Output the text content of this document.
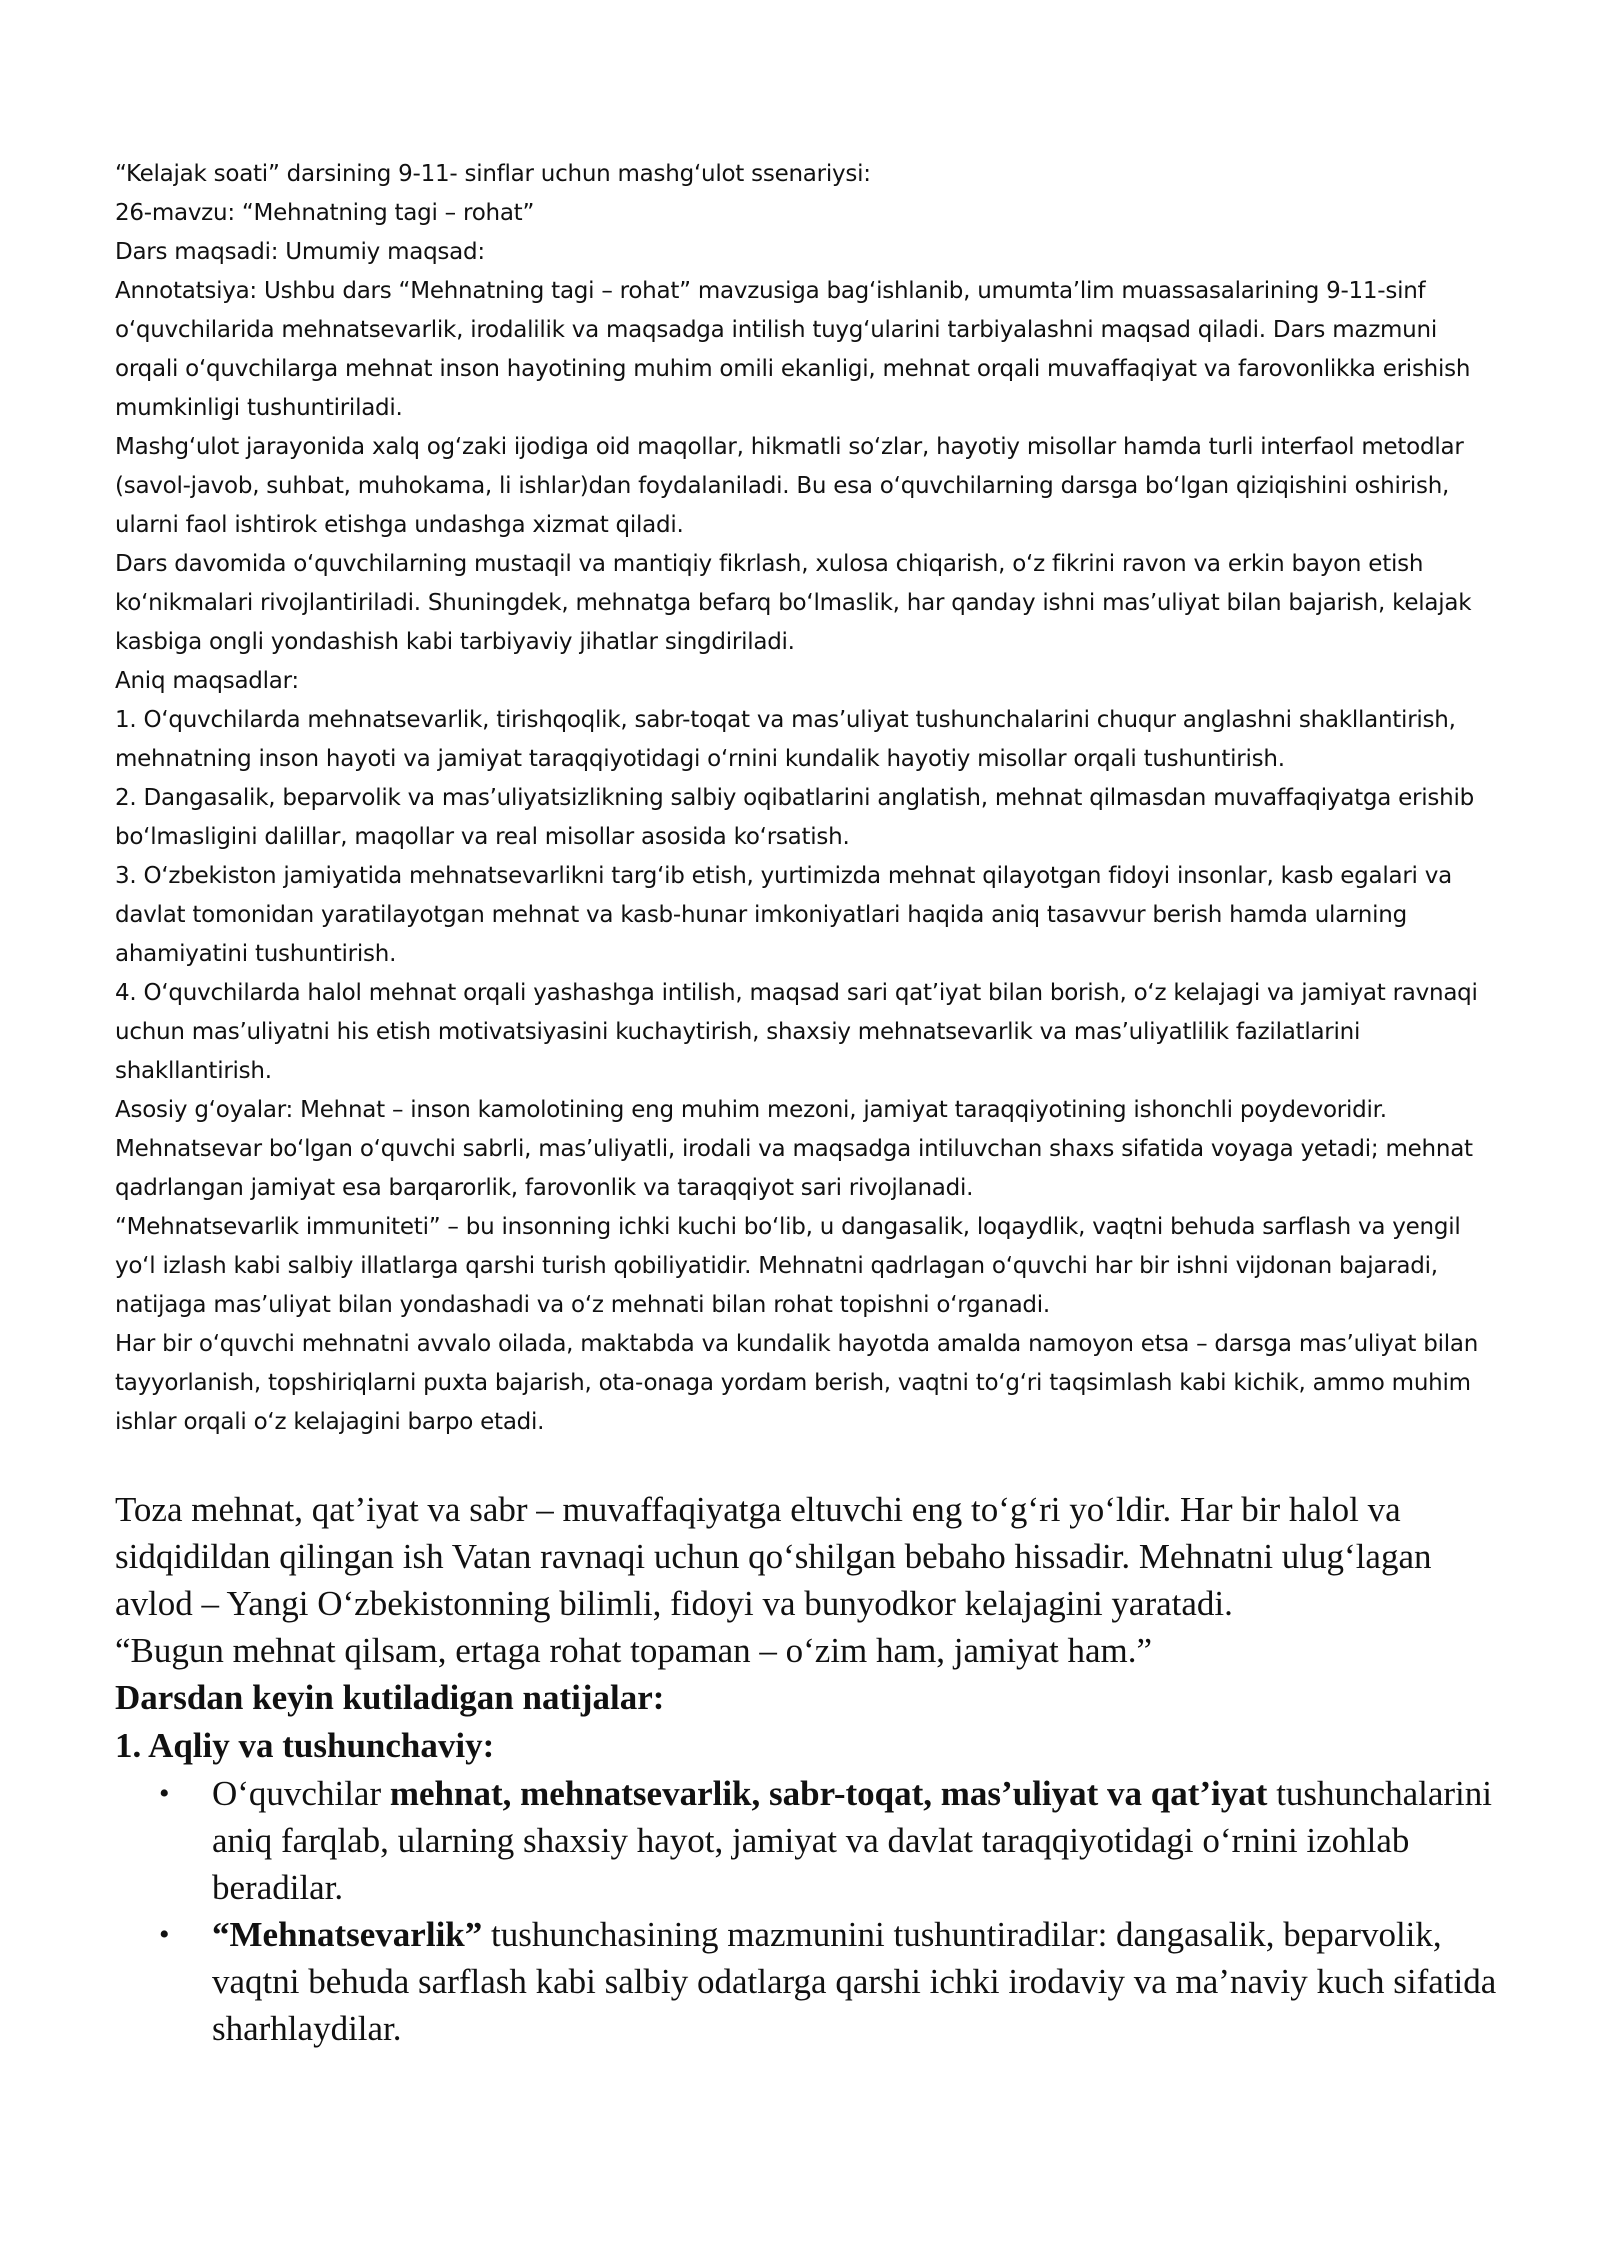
“Kelajak soati” darsining 9-11- sinflar uchun mashgʻulot ssenariysi:

26-mavzu: “Mehnatning tagi – rohat”

Dars maqsadi: Umumiy maqsad:

Annotatsiya: Ushbu dars “Mehnatning tagi – rohat” mavzusiga bag‘ishlanib, umumta’lim muassasalarining 9-11-sinf o‘quvchilarida mehnatsevarlik, irodalilik va maqsadga intilish tuyg‘ularini tarbiyalashni maqsad qiladi. Dars mazmuni orqali o‘quvchilarga mehnat inson hayotining muhim omili ekanligi, mehnat orqali muvaffaqiyat va farovonlikka erishish mumkinligi tushuntiriladi.

Mashg‘ulot jarayonida xalq og‘zaki ijodiga oid maqollar, hikmatli so‘zlar, hayotiy misollar hamda turli interfaol metodlar (savol-javob, suhbat, muhokama, li ishlar)dan foydalaniladi. Bu esa o‘quvchilarning darsga bo‘lgan qiziqishini oshirish, ularni faol ishtirok etishga undashga xizmat qiladi.

Dars davomida o‘quvchilarning mustaqil va mantiqiy fikrlash, xulosa chiqarish, o‘z fikrini ravon va erkin bayon etish ko‘nikmalari rivojlantiriladi. Shuningdek, mehnatga befarq bo‘lmaslik, har qanday ishni mas’uliyat bilan bajarish, kelajak kasbiga ongli yondashish kabi tarbiyaviy jihatlar singdiriladi.

Aniq maqsadlar:

1. O‘quvchilarda mehnatsevarlik, tirishqoqlik, sabr-toqat va mas’uliyat tushunchalarini chuqur anglashni shakllantirish, mehnatning inson hayoti va jamiyat taraqqiyotidagi o‘rnini kundalik hayotiy misollar orqali tushuntirish.

2. Dangasalik, beparvolik va mas’uliyatsizlikning salbiy oqibatlarini anglatish, mehnat qilmasdan muvaffaqiyatga erishib bo‘lmasligini dalillar, maqollar va real misollar asosida ko‘rsatish.

3. O‘zbekiston jamiyatida mehnatsevarlikni targ‘ib etish, yurtimizda mehnat qilayotgan fidoyi insonlar, kasb egalari va davlat tomonidan yaratilayotgan mehnat va kasb-hunar imkoniyatlari haqida aniq tasavvur berish hamda ularning ahamiyatini tushuntirish.

4. O‘quvchilarda halol mehnat orqali yashashga intilish, maqsad sari qat’iyat bilan borish, o‘z kelajagi va jamiyat ravnaqi uchun mas’uliyatni his etish motivatsiyasini kuchaytirish, shaxsiy mehnatsevarlik va mas’uliyatlilik fazilatlarini shakllantirish.

Asosiy g‘oyalar: Mehnat – inson kamolotining eng muhim mezoni, jamiyat taraqqiyotining ishonchli poydevoridir. Mehnatsevar bo‘lgan o‘quvchi sabrli, mas’uliyatli, irodali va maqsadga intiluvchan shaxs sifatida voyaga yetadi; mehnat qadrlangan jamiyat esa barqarorlik, farovonlik va taraqqiyot sari rivojlanadi.

“Mehnatsevarlik immuniteti” – bu insonning ichki kuchi bo‘lib, u dangasalik, loqaydlik, vaqtni behuda sarflash va yengil yo‘l izlash kabi salbiy illatlarga qarshi turish qobiliyatidir. Mehnatni qadrlagan o‘quvchi har bir ishni vijdonan bajaradi, natijaga mas’uliyat bilan yondashadi va o‘z mehnati bilan rohat topishni o‘rganadi.

Har bir o‘quvchi mehnatni avvalo oilada, maktabda va kundalik hayotda amalda namoyon etsa – darsga mas’uliyat bilan tayyorlanish, topshiriqlarni puxta bajarish, ota-onaga yordam berish, vaqtni to‘g‘ri taqsimlash kabi kichik, ammo muhim ishlar orqali o‘z kelajagini barpo etadi.

Toza mehnat, qat’iyat va sabr – muvaffaqiyatga eltuvchi eng to‘g‘ri yo‘ldir. Har bir halol va sidqidildan qilingan ish Vatan ravnaqi uchun qo‘shilgan bebaho hissadir. Mehnatni ulug‘lagan avlod – Yangi O‘zbekistonning bilimli, fidoyi va bunyodkor kelajagini yaratadi.

“Bugun mehnat qilsam, ertaga rohat topaman – o‘zim ham, jamiyat ham.”

Darsdan keyin kutiladigan natijalar:
1. Aqliy va tushunchaviy:
• O‘quvchilar mehnat, mehnatsevarlik, sabr-toqat, mas’uliyat va qat’iyat tushunchalarini aniq farqlab, ularning shaxsiy hayot, jamiyat va davlat taraqqiyotidagi o‘rnini izohlab beradilar.
• “Mehnatsevarlik” tushunchasining mazmunini tushuntiradilar: dangasalik, beparvolik, vaqtni behuda sarflash kabi salbiy odatlarga qarshi ichki irodaviy va ma’naviy kuch sifatida sharhlaydilar.
